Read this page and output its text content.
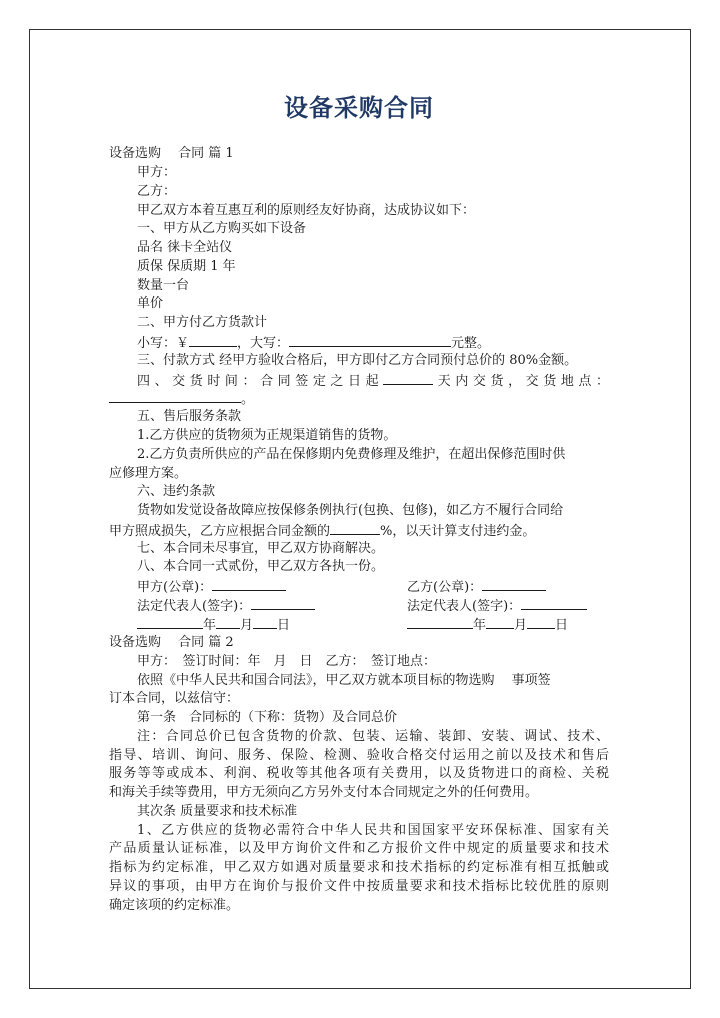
设备采购合同
设备选购　 合同 篇 1
甲方：
乙方：
甲乙双方本着互惠互利的原则经友好协商，达成协议如下：
一、甲方从乙方购买如下设备
品名 徕卡全站仪
质保 保质期 1 年
数量一台
单价
二、甲方付乙方货款计
小写：￥	，大写：	元整。
三、付款方式 经甲方验收合格后，甲方即付乙方合同预付总价的 80%金额。
四、交货时间：合同签定之日起	天内交货，交货地点：
。
五、售后服务条款
1.乙方供应的货物须为正规渠道销售的货物。
2.乙方负责所供应的产品在保修期内免费修理及维护，在超出保修范围时供
应修理方案。
六、违约条款
货物如发觉设备故障应按保修条例执行(包换、包修)，如乙方不履行合同给
甲方照成损失，乙方应根据合同金额的	%，以天计算支付违约金。
七、本合同未尽事宜，甲乙双方协商解决。
八、本合同一式贰份，甲乙双方各执一份。
甲方(公章)：	乙方(公章)：
法定代表人(签字)：	法定代表人(签字)：
年 月 日	年 月 日
设备选购　 合同 篇 2
甲方：　签订时间：年　月　日　乙方：　签订地点：
依照《中华人民共和国合同法》，甲乙双方就本项目标的物选购　 事项签
订本合同，以兹信守：
第一条　合同标的（下称：货物）及合同总价
注：合同总价已包含货物的价款、包装、运输、装卸、安装、调试、技术、
指导、培训、询问、服务、保险、检测、验收合格交付运用之前以及技术和售后
服务等等或成本、利润、税收等其他各项有关费用，以及货物进口的商检、关税
和海关手续等费用，甲方无须向乙方另外支付本合同规定之外的任何费用。
其次条 质量要求和技术标准
1、乙方供应的货物必需符合中华人民共和国国家平安环保标准、国家有关
产品质量认证标准，以及甲方询价文件和乙方报价文件中规定的质量要求和技术
指标为约定标准，甲乙双方如遇对质量要求和技术指标的约定标准有相互抵触或
异议的事项，由甲方在询价与报价文件中按质量要求和技术指标比较优胜的原则
确定该项的约定标准。
